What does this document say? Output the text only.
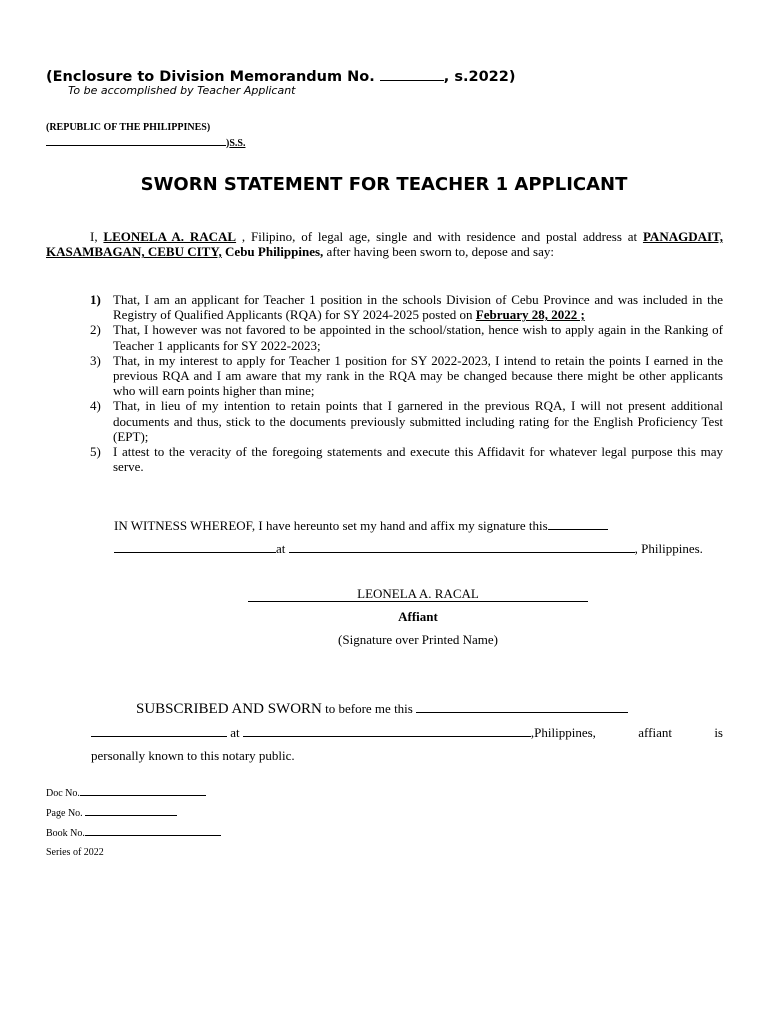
(Enclosure to Division Memorandum No.	, s.2022)
To be accomplished by Teacher Applicant
(REPUBLIC OF THE PHILIPPINES)
)S.S.
SWORN STATEMENT FOR TEACHER 1 APPLICANT
I, LEONELA A. RACAL , Filipino, of legal age, single and with residence and postal address at PANAGDAIT, KASAMBAGAN, CEBU CITY, Cebu Philippines, after having been sworn to, depose and say:
1) That, I am an applicant for Teacher 1 position in the schools Division of Cebu Province and was included in the Registry of Qualified Applicants (RQA) for SY 2024-2025 posted on February 28, 2022 ;
2) That, I however was not favored to be appointed in the school/station, hence wish to apply again in the Ranking of Teacher 1 applicants for SY 2022-2023;
3) That, in my interest to apply for Teacher 1 position for SY 2022-2023, I intend to retain the points I earned in the previous RQA and I am aware that my rank in the RQA may be changed because there might be other applicants who will earn points higher than mine;
4) That, in lieu of my intention to retain points that I garnered in the previous RQA, I will not present additional documents and thus, stick to the documents previously submitted including rating for the English Proficiency Test (EPT);
5) I attest to the veracity of the foregoing statements and execute this Affidavit for whatever legal purpose this may serve.
IN WITNESS WHEREOF, I have hereunto set my hand and affix my signature this
at	, Philippines.
LEONELA A. RACAL
Affiant
(Signature over Printed Name)
SUBSCRIBED AND SWORN to before me this
at	,Philippines,	affiant	is
personally known to this notary public.
Doc No.
Page No.
Book No.
Series of 2022
